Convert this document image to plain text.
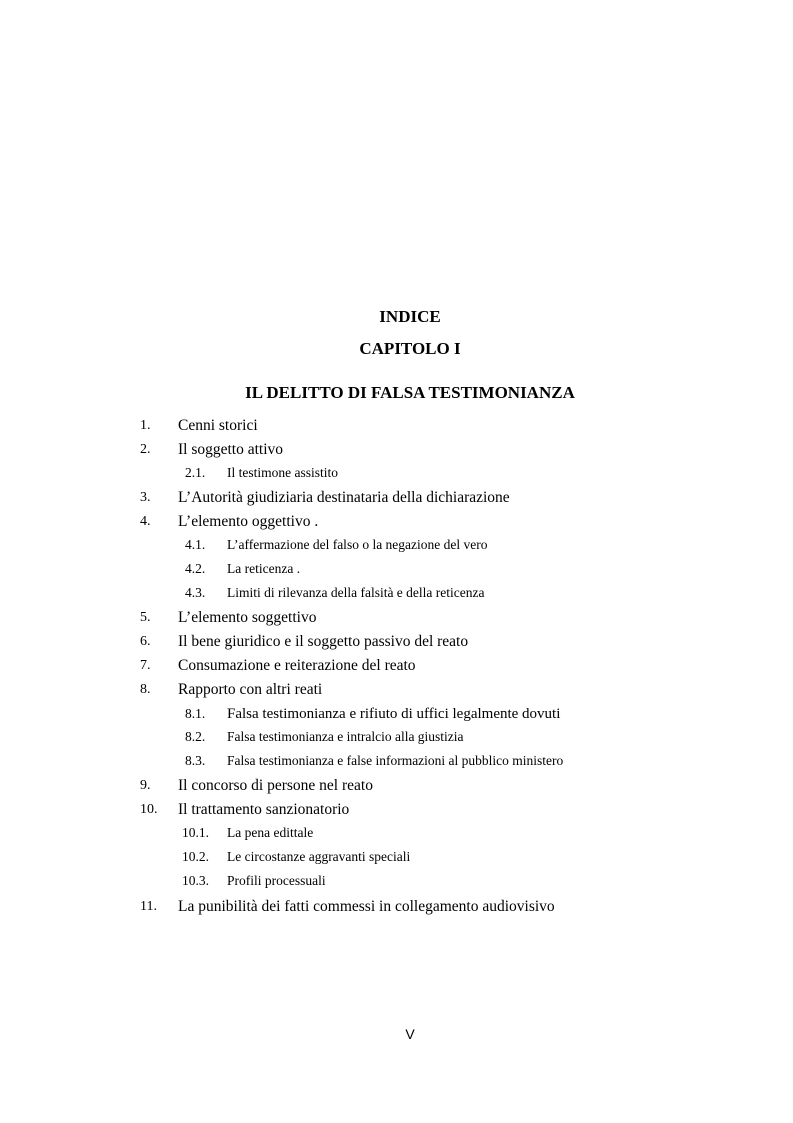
INDICE
CAPITOLO I
IL DELITTO DI FALSA TESTIMONIANZA
1. Cenni storici
2. Il soggetto attivo
2.1. Il testimone assistito
3. L’Autorità giudiziaria destinataria della dichiarazione
4. L’elemento oggettivo .
4.1. L’affermazione del falso o la negazione del vero
4.2. La reticenza .
4.3. Limiti di rilevanza della falsità e della reticenza
5. L’elemento soggettivo
6. Il bene giuridico e il soggetto passivo del reato
7. Consumazione e reiterazione del reato
8. Rapporto con altri reati
8.1. Falsa testimonianza e rifiuto di uffici legalmente dovuti
8.2. Falsa testimonianza e intralcio alla giustizia
8.3. Falsa testimonianza e false informazioni al pubblico ministero
9. Il concorso di persone nel reato
10. Il trattamento sanzionatorio
10.1. La pena edittale
10.2. Le circostanze aggravanti speciali
10.3. Profili processuali
11. La punibilità dei fatti commessi in collegamento audiovisivo
V
